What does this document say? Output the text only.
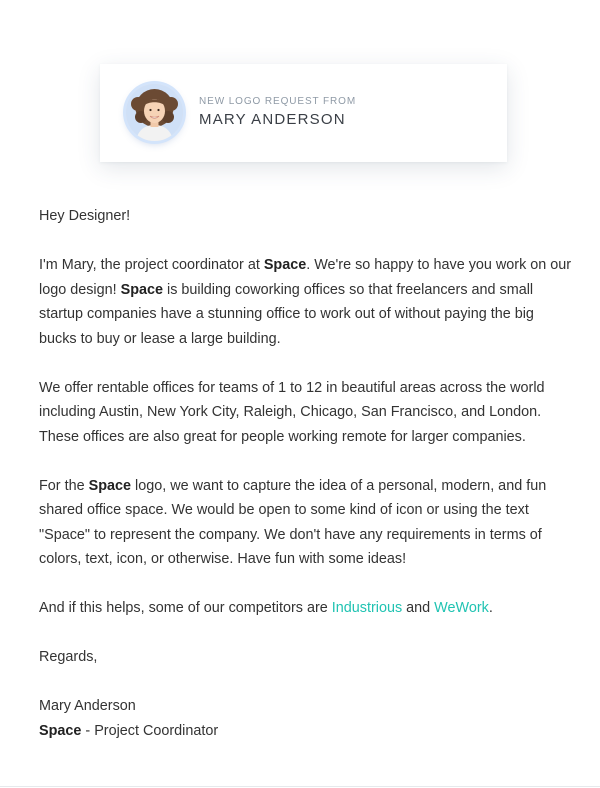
NEW LOGO REQUEST FROM
MARY ANDERSON

Hey Designer!

I'm Mary, the project coordinator at Space. We're so happy to have you work on our logo design! Space is building coworking offices so that freelancers and small startup companies have a stunning office to work out of without paying the big bucks to buy or lease a large building.

We offer rentable offices for teams of 1 to 12 in beautiful areas across the world including Austin, New York City, Raleigh, Chicago, San Francisco, and London. These offices are also great for people working remote for larger companies.

For the Space logo, we want to capture the idea of a personal, modern, and fun shared office space. We would be open to some kind of icon or using the text "Space" to represent the company. We don't have any requirements in terms of colors, text, icon, or otherwise. Have fun with some ideas!

And if this helps, some of our competitors are Industrious and WeWork.

Regards,

Mary Anderson

Space - Project Coordinator
